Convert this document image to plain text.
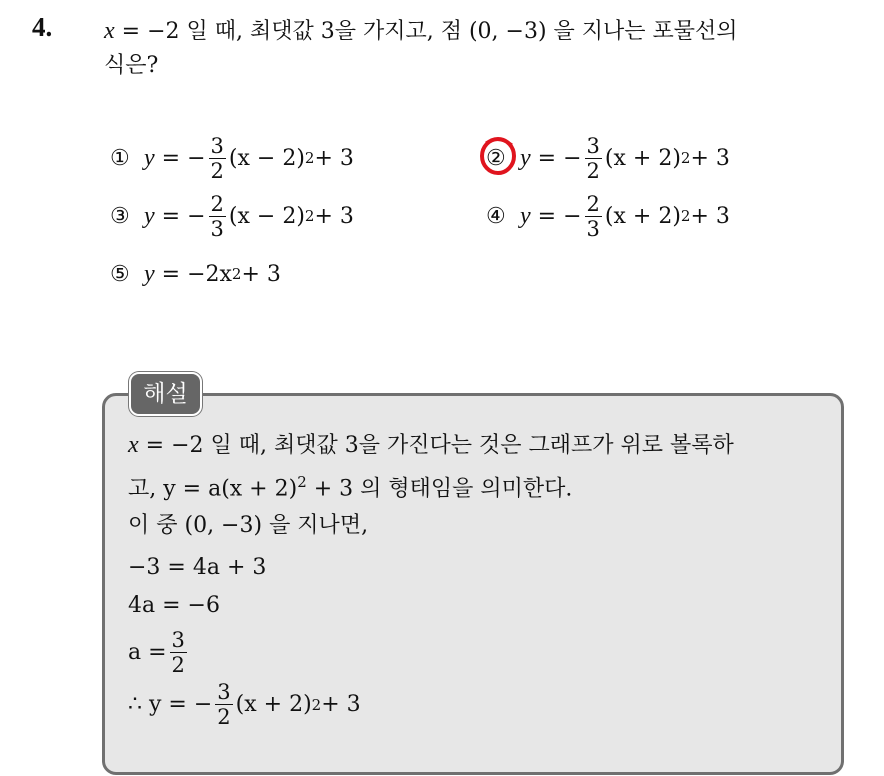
4. x = −2 일 때, 최댓값 3을 가지고, 점 (0, −3) 을 지나는 포물선의
식은?
① y
= − $\frac{3}{2} (x - 2) 2 + 3$	② y
= − $\frac{3}{2} (x + 2) 2 + 3$
③ y
= − $\frac{2}{3} (x - 2) 2 + 3$	④ y
= − $\frac{2}{3} (x + 2) 2 + 3$
⑤ y
= −2x 2 + 3
해설
x = −2 일 때, 최댓값 3을 가진다는 것은 그래프가 위로 볼록하
고, $y = a(x + 2)^2 + 3$ 의 형태임을 의미한다.
이 중 (0, −3) 을 지나면,
−3 = 4a + 3
4a = −6
$a = \frac{3}{2}$
∴ y = − $\frac{3}{2} (x + 2) 2 + 3$
